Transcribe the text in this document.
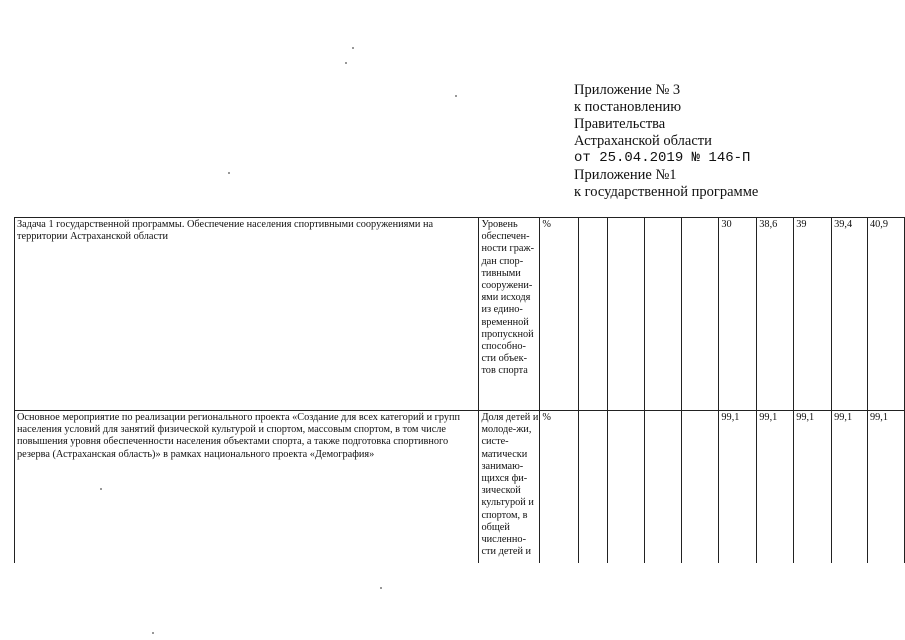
Приложение № 3
к постановлению
Правительства
Астраханской области
от 25.04.2019 № 146-П
Приложение №1
к государственной программе
Задача 1 государственной программы. Обеспечение населения спортивными сооружениями на территории Астраханской области	Уровень обеспечен-ности граж-дан спор-тивными сооружени-ями исходя из едино-временной пропускной способно-сти объек-тов спорта	%					30	38,6	39	39,4	40,9
Основное мероприятие по реализации регионального проекта «Создание для всех категорий и групп населения условий для занятий физической культурой и спортом, массовым спортом, в том числе повышения уровня обеспеченности населения объектами спорта, а также подготовка спортивного резерва (Астраханская область)» в рамках национального проекта «Демография»	Доля детей и молоде-жи, систе-матически занимаю-щихся фи-зической культурой и спортом, в общей численно-сти детей и	%					99,1	99,1	99,1	99,1	99,1
